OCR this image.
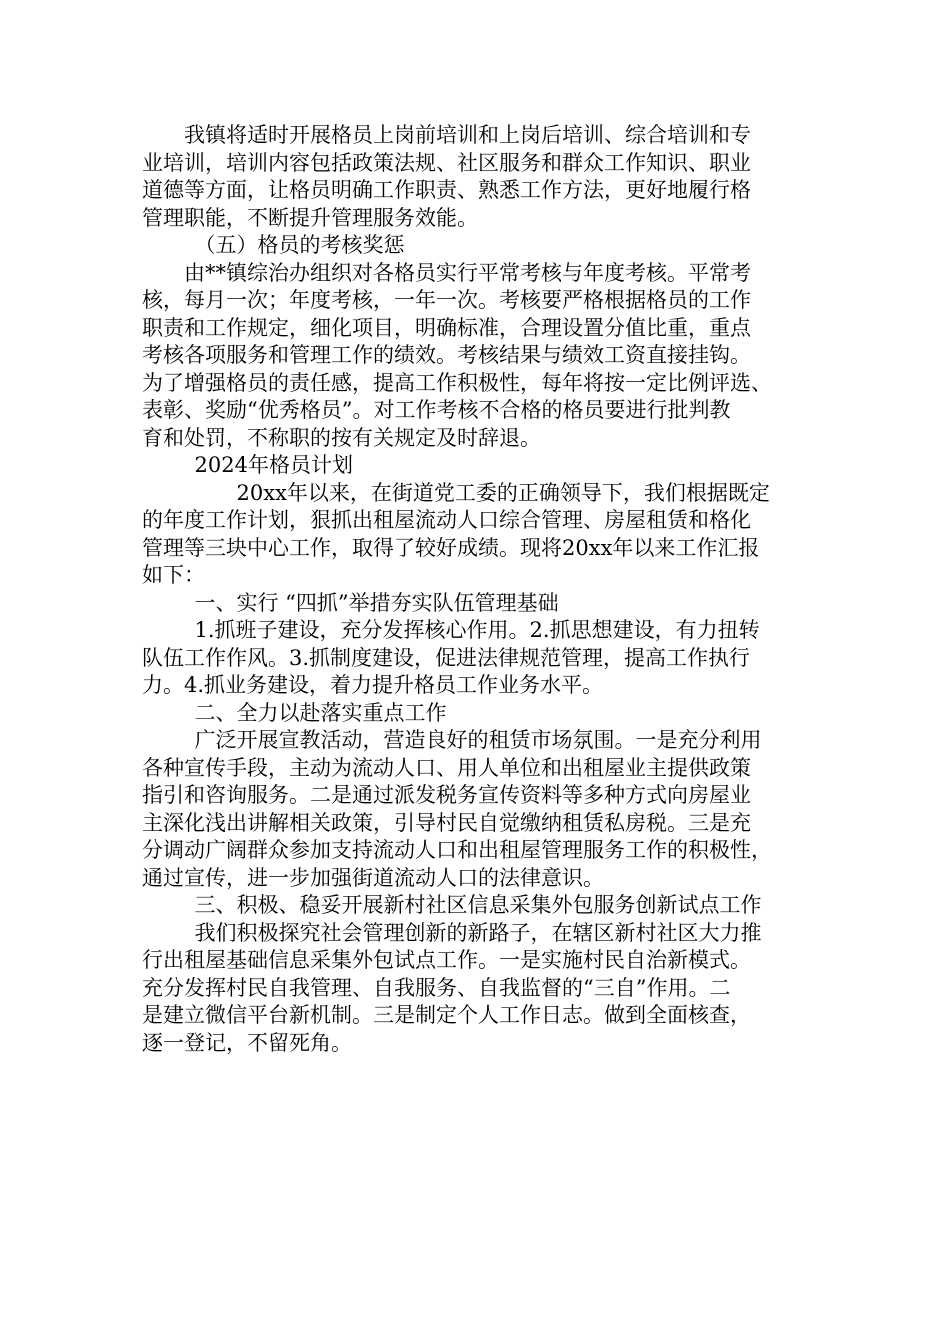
我镇将适时开展格员上岗前培训和上岗后培训、综合培训和专
业培训，培训内容包括政策法规、社区服务和群众工作知识、职业
道德等方面，让格员明确工作职责、熟悉工作方法，更好地履行格
管理职能，不断提升管理服务效能。
（五）格员的考核奖惩
由**镇综治办组织对各格员实行平常考核与年度考核。平常考
核，每月一次；年度考核，一年一次。考核要严格根据格员的工作
职责和工作规定，细化项目，明确标准，合理设置分值比重，重点
考核各项服务和管理工作的绩效。考核结果与绩效工资直接挂钩。
为了增强格员的责任感，提高工作积极性，每年将按一定比例评选、
表彰、奖励“优秀格员”。对工作考核不合格的格员要进行批判教
育和处罚，不称职的按有关规定及时辞退。
2024年格员计划
20xx年以来，在街道党工委的正确领导下，我们根据既定
的年度工作计划，狠抓出租屋流动人口综合管理、房屋租赁和格化
管理等三块中心工作，取得了较好成绩。现将20xx年以来工作汇报
如下：
一、实行 “四抓”举措夯实队伍管理基础
1.抓班子建设，充分发挥核心作用。2.抓思想建设，有力扭转
队伍工作作风。3.抓制度建设，促进法律规范管理，提高工作执行
力。4.抓业务建设，着力提升格员工作业务水平。
二、全力以赴落实重点工作
广泛开展宣教活动，营造良好的租赁市场氛围。一是充分利用
各种宣传手段，主动为流动人口、用人单位和出租屋业主提供政策
指引和咨询服务。二是通过派发税务宣传资料等多种方式向房屋业
主深化浅出讲解相关政策，引导村民自觉缴纳租赁私房税。三是充
分调动广阔群众参加支持流动人口和出租屋管理服务工作的积极性，
通过宣传，进一步加强街道流动人口的法律意识。
三、积极、稳妥开展新村社区信息采集外包服务创新试点工作
我们积极探究社会管理创新的新路子，在辖区新村社区大力推
行出租屋基础信息采集外包试点工作。一是实施村民自治新模式。
充分发挥村民自我管理、自我服务、自我监督的“三自”作用。二
是建立微信平台新机制。三是制定个人工作日志。做到全面核查，
逐一登记，不留死角。
